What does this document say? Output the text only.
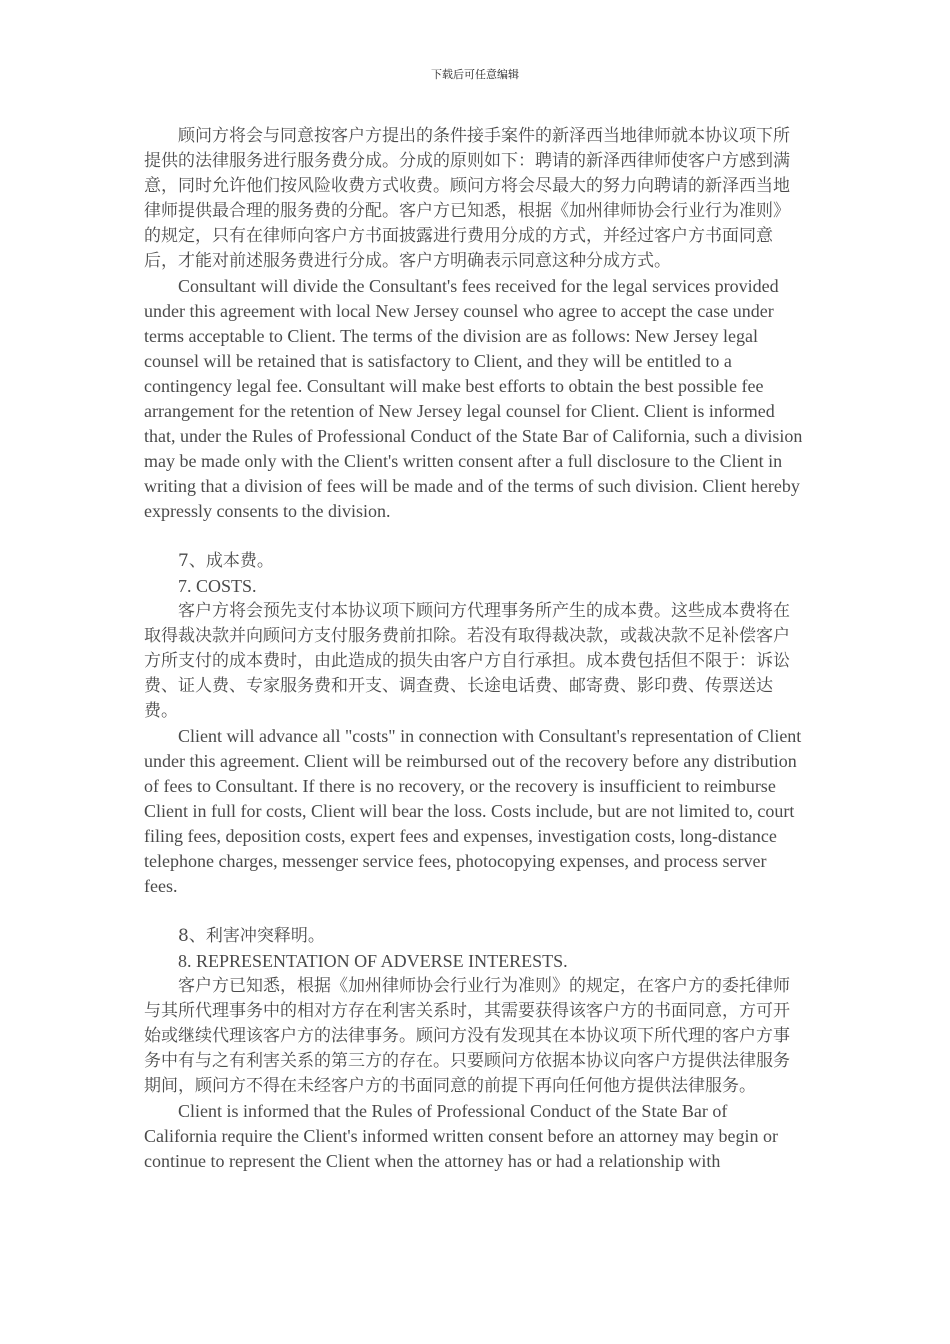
下载后可任意编辑

顾问方将会与同意按客户方提出的条件接手案件的新泽西当地律师就本协议项下所提供的法律服务进行服务费分成。分成的原则如下：聘请的新泽西律师使客户方感到满意，同时允许他们按风险收费方式收费。顾问方将会尽最大的努力向聘请的新泽西当地律师提供最合理的服务费的分配。客户方已知悉，根据《加州律师协会行业行为准则》的规定，只有在律师向客户方书面披露进行费用分成的方式，并经过客户方书面同意后，才能对前述服务费进行分成。客户方明确表示同意这种分成方式。

Consultant will divide the Consultant's fees received for the legal services provided under this agreement with local New Jersey counsel who agree to accept the case under terms acceptable to Client. The terms of the division are as follows: New Jersey legal counsel will be retained that is satisfactory to Client, and they will be entitled to a contingency legal fee. Consultant will make best efforts to obtain the best possible fee arrangement for the retention of New Jersey legal counsel for Client. Client is informed that, under the Rules of Professional Conduct of the State Bar of California, such a division may be made only with the Client's written consent after a full disclosure to the Client in writing that a division of fees will be made and of the terms of such division. Client hereby expressly consents to the division.

7、成本费。

7. COSTS.

客户方将会预先支付本协议项下顾问方代理事务所产生的成本费。这些成本费将在取得裁决款并向顾问方支付服务费前扣除。若没有取得裁决款，或裁决款不足补偿客户方所支付的成本费时，由此造成的损失由客户方自行承担。成本费包括但不限于：诉讼费、证人费、专家服务费和开支、调查费、长途电话费、邮寄费、影印费、传票送达费。

Client will advance all "costs" in connection with Consultant's representation of Client under this agreement. Client will be reimbursed out of the recovery before any distribution of fees to Consultant. If there is no recovery, or the recovery is insufficient to reimburse Client in full for costs, Client will bear the loss. Costs include, but are not limited to, court filing fees, deposition costs, expert fees and expenses, investigation costs, long-distance telephone charges, messenger service fees, photocopying expenses, and process server fees.

8、利害冲突释明。

8. REPRESENTATION OF ADVERSE INTERESTS.

客户方已知悉，根据《加州律师协会行业行为准则》的规定，在客户方的委托律师与其所代理事务中的相对方存在利害关系时，其需要获得该客户方的书面同意，方可开始或继续代理该客户方的法律事务。顾问方没有发现其在本协议项下所代理的客户方事务中有与之有利害关系的第三方的存在。只要顾问方依据本协议向客户方提供法律服务期间，顾问方不得在未经客户方的书面同意的前提下再向任何他方提供法律服务。

Client is informed that the Rules of Professional Conduct of the State Bar of California require the Client's informed written consent before an attorney may begin or continue to represent the Client when the attorney has or had a relationship with
